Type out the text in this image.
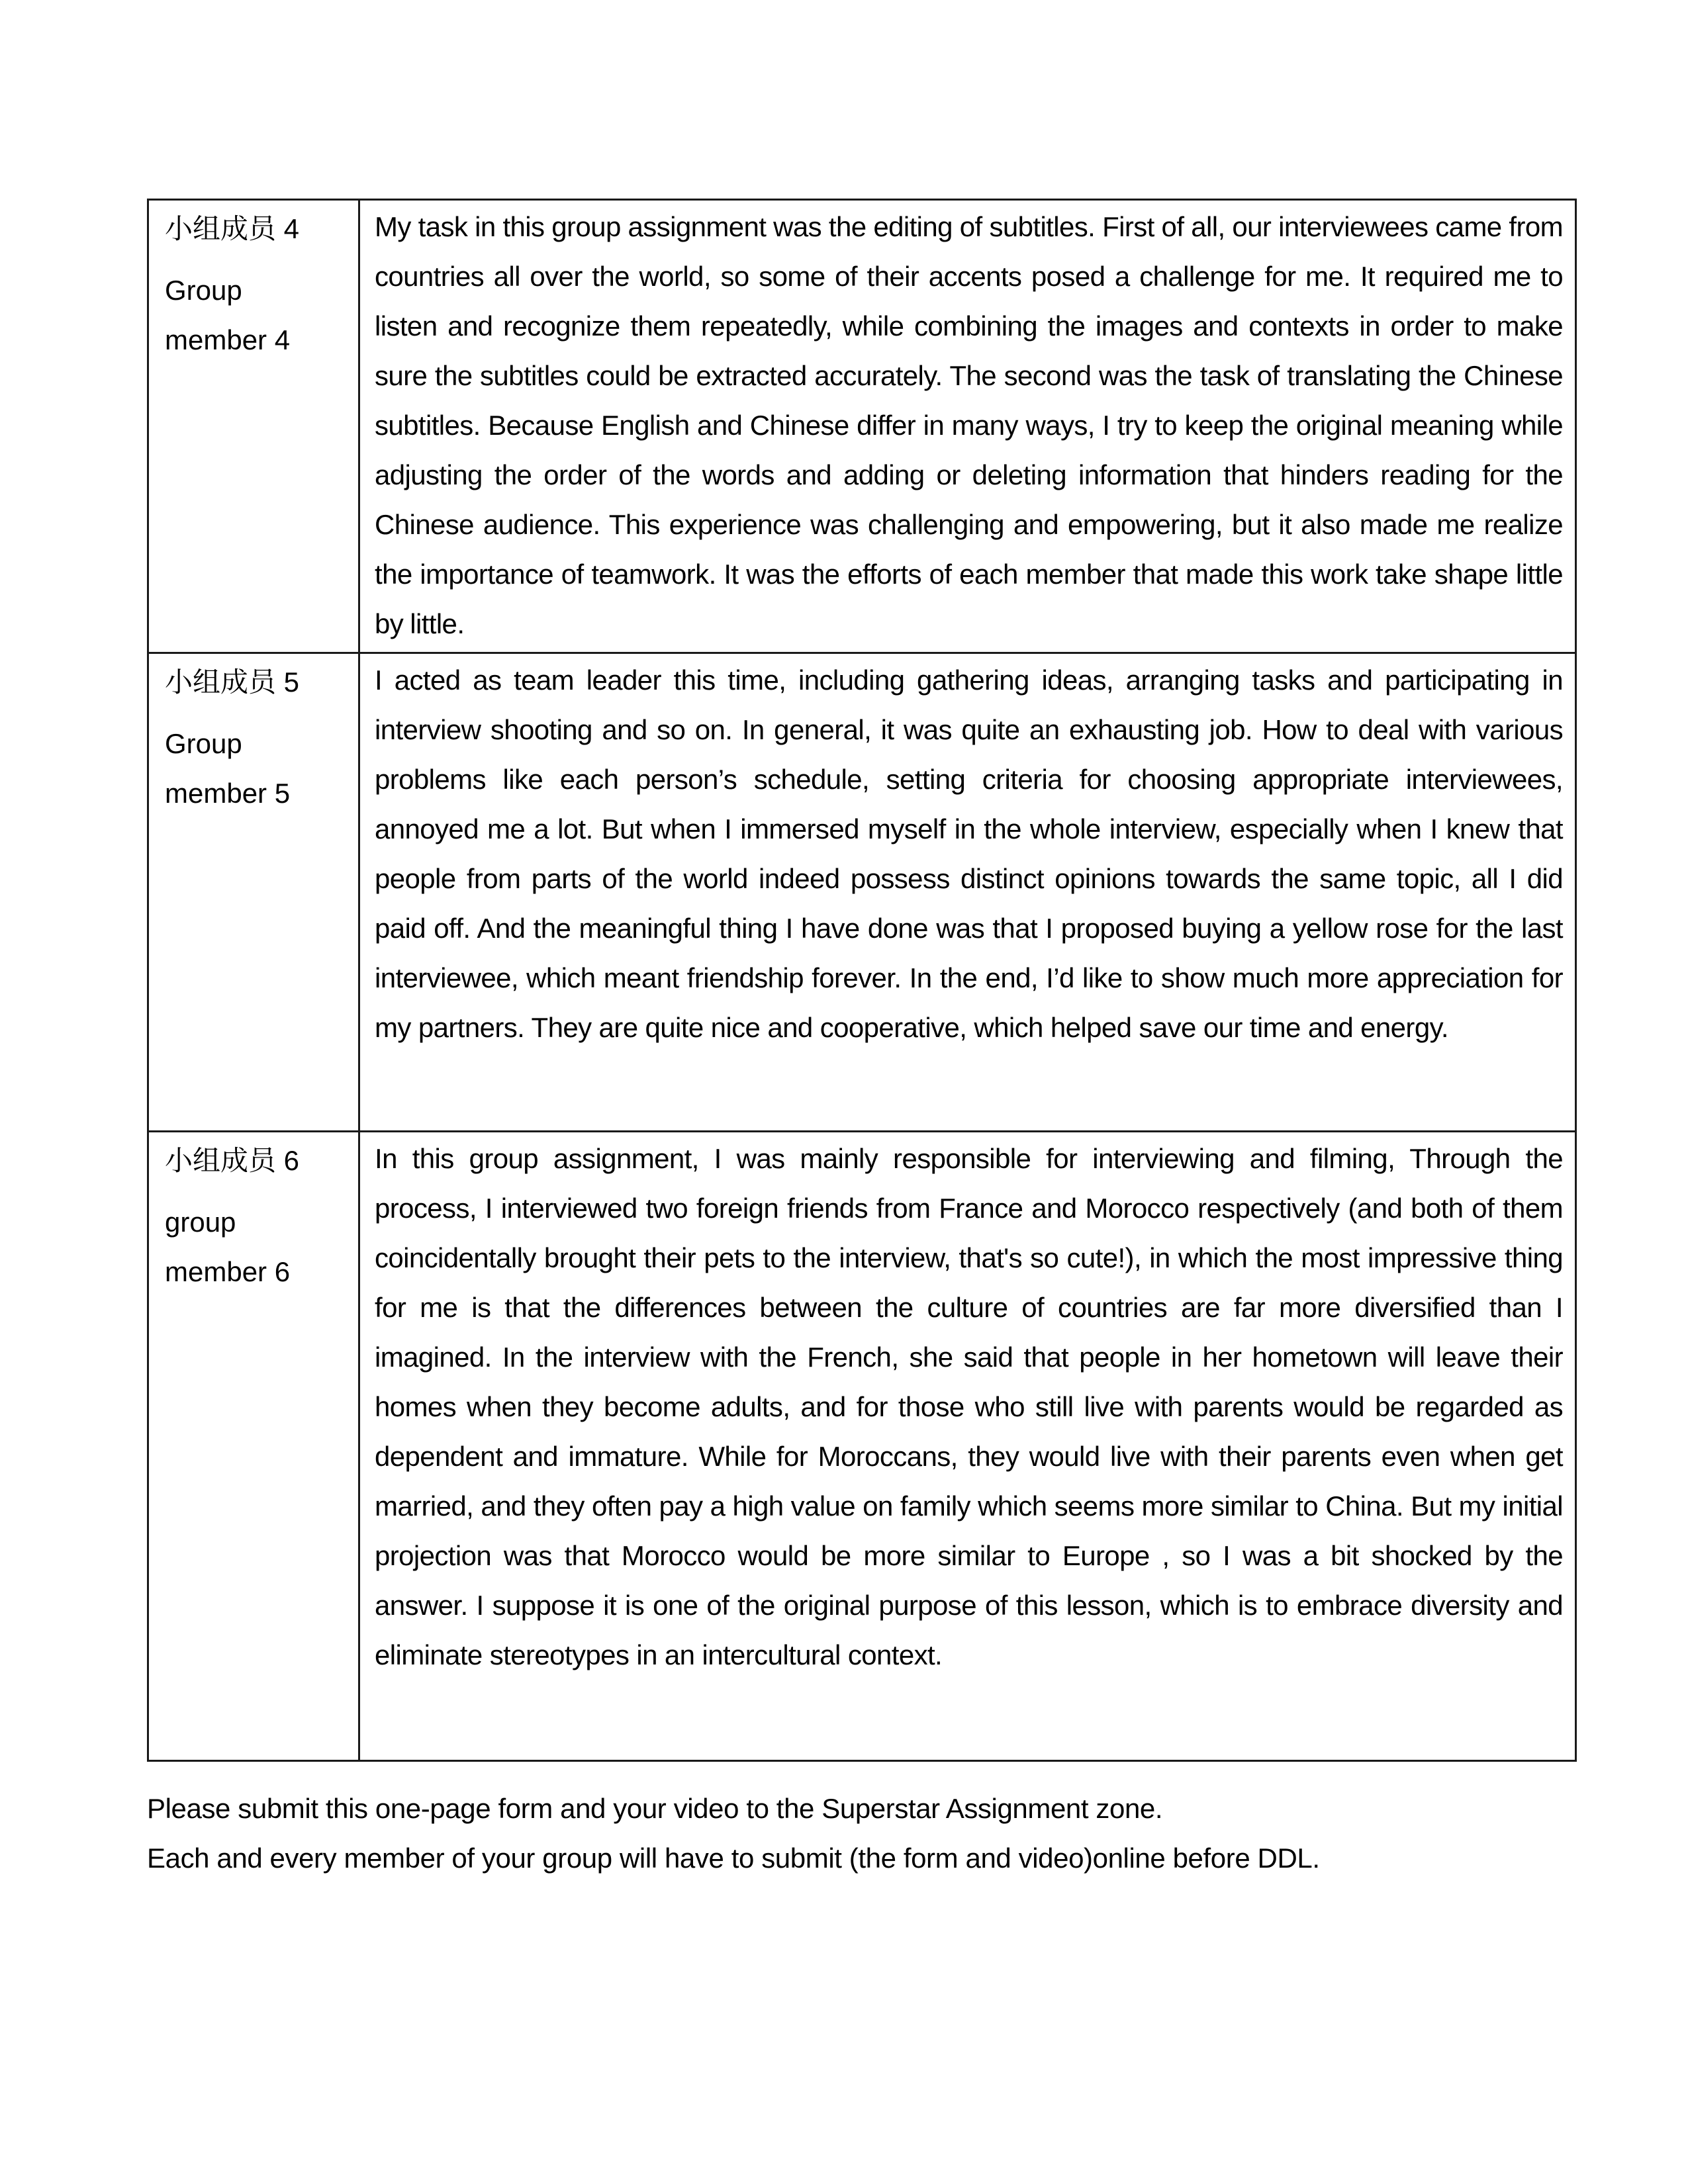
小组成员 4
Group
member 4
	My task in this group assignment was the editing of subtitles. First of all, our interviewees came from countries all over the world, so some of their accents posed a challenge for me. It required me to listen and recognize them repeatedly, while combining the images and contexts in order to make sure the subtitles could be extracted accurately. The second was the task of translating the Chinese subtitles. Because English and Chinese differ in many ways, I try to keep the original meaning while adjusting the order of the words and adding or deleting information that hinders reading for the Chinese audience. This experience was challenging and empowering, but it also made me realize the importance of teamwork. It was the efforts of each member that made this work take shape little by little.

小组成员 5
Group
member 5
	I acted as team leader this time, including gathering ideas, arranging tasks and participating in interview shooting and so on. In general, it was quite an exhausting job. How to deal with various problems like each person’s schedule, setting criteria for choosing appropriate interviewees, annoyed me a lot. But when I immersed myself in the whole interview, especially when I knew that people from parts of the world indeed possess distinct opinions towards the same topic, all I did paid off. And the meaningful thing I have done was that I proposed buying a yellow rose for the last interviewee, which meant friendship forever. In the end, I’d like to show much more appreciation for my partners. They are quite nice and cooperative, which helped save our time and energy.

小组成员 6
group
member 6
	In this group assignment, I was mainly responsible for interviewing and filming, Through the process, I interviewed two foreign friends from France and Morocco respectively (and both of them coincidentally brought their pets to the interview, that's so cute!), in which the most impressive thing for me is that the differences between the culture of countries are far more diversified than I imagined. In the interview with the French, she said that people in her hometown will leave their homes when they become adults, and for those who still live with parents would be regarded as dependent and immature. While for Moroccans, they would live with their parents even when get married, and they often pay a high value on family which seems more similar to China. But my initial projection was that Morocco would be more similar to Europe , so I was a bit shocked by the answer. I suppose it is one of the original purpose of this lesson, which is to embrace diversity and eliminate stereotypes in an intercultural context.

Please submit this one-page form and your video to the Superstar Assignment zone.

Each and every member of your group will have to submit (the form and video)online before DDL.
